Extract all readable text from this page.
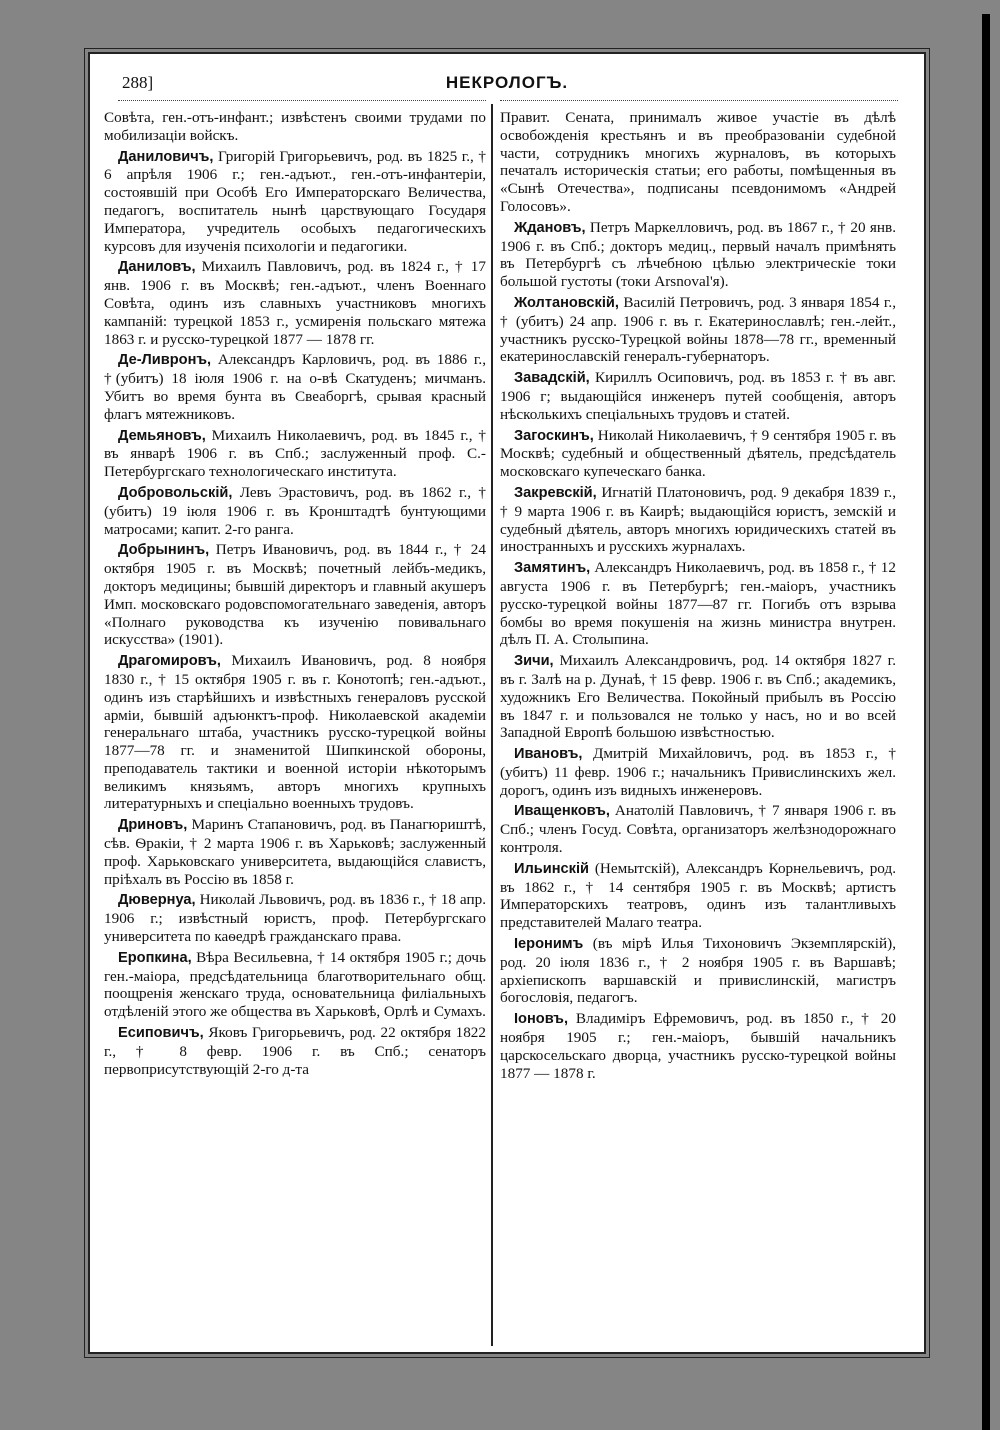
288]	НЕКРОЛОГЪ.

Совѣта, ген.-отъ-инфант.; извѣстенъ своими трудами по мобилизаціи войскъ.

Даниловичъ, Григорій Григорьевичъ, род. въ 1825 г., † 6 апрѣля 1906 г.; ген.-адъют., ген.-отъ-инфантеріи, состоявшій при Особѣ Его Императорскаго Величества, педагогъ, воспитатель нынѣ царствующаго Государя Императора, учредитель особыхъ педагогическихъ курсовъ для изученія психологіи и педагогики.

Даниловъ, Михаилъ Павловичъ, род. въ 1824 г., † 17 янв. 1906 г. въ Москвѣ; ген.-адъют., членъ Военнаго Совѣта, одинъ изъ славныхъ участниковъ многихъ кампаній: турецкой 1853 г., усмиренія польскаго мятежа 1863 г. и русско-турецкой 1877 — 1878 гг.

Де-Ливронъ, Александръ Карловичъ, род. въ 1886 г., †(убитъ) 18 іюля 1906 г. на о-вѣ Скатуденъ; мичманъ. Убитъ во время бунта въ Свеаборгѣ, срывая красный флагъ мятежниковъ.

Демьяновъ, Михаилъ Николаевичъ, род. въ 1845 г., † въ январѣ 1906 г. въ Спб.; заслуженный проф. С.-Петербургскаго технологическаго института.

Добровольскій, Левъ Эрастовичъ, род. въ 1862 г., † (убитъ) 19 іюля 1906 г. въ Кронштадтѣ бунтующими матросами; капит. 2-го ранга.

Добрынинъ, Петръ Ивановичъ, род. въ 1844 г., † 24 октября 1905 г. въ Москвѣ; почетный лейбъ-медикъ, докторъ медицины; бывшій директоръ и главный акушеръ Имп. московскаго родовспомогательнаго заведенія, авторъ «Полнаго руководства къ изученію повивальнаго искусства» (1901).

Драгомировъ, Михаилъ Ивановичъ, род. 8 ноября 1830 г., † 15 октября 1905 г. въ г. Конотопѣ; ген.-адъют., одинъ изъ старѣйшихъ и извѣстныхъ генераловъ русской арміи, бывшій адъюнктъ-проф. Николаевской академіи генеральнаго штаба, участникъ русско-турецкой войны 1877—78 гг. и знаменитой Шипкинской обороны, преподаватель тактики и военной исторіи нѣкоторымъ великимъ князьямъ, авторъ многихъ крупныхъ литературныхъ и спеціально военныхъ трудовъ.

Дриновъ, Маринъ Стапановичъ, род. въ Панагюриштѣ, сѣв. Ѳракіи, † 2 марта 1906 г. въ Харьковѣ; заслуженный проф. Харьковскаго университета, выдающійся славистъ, пріѣхалъ въ Россію въ 1858 г.

Дювернуа, Николай Львовичъ, род. въ 1836 г., † 18 апр. 1906 г.; извѣстный юристъ, проф. Петербургскаго университета по каѳедрѣ гражданскаго права.

Еропкина, Вѣра Весильевна, † 14 октября 1905 г.; дочь ген.-маіора, предсѣдательница благотворительнаго общ. поощренія женскаго труда, основательница филіальныхъ отдѣленій этого же общества въ Харьковѣ, Орлѣ и Сумахъ.

Есиповичъ, Яковъ Григорьевичъ, род. 22 октября 1822 г., † 8 февр. 1906 г. въ Спб.; сенаторъ первоприсутствующій 2-го д-та

Правит. Сената, принималъ живое участіе въ дѣлѣ освобожденія крестьянъ и въ преобразованіи судебной части, сотрудникъ многихъ журналовъ, въ которыхъ печаталъ историческія статьи; его работы, помѣщенныя въ «Сынѣ Отечества», подписаны псевдонимомъ «Андрей Голосовъ».

Ждановъ, Петръ Маркелловичъ, род. въ 1867 г., † 20 янв. 1906 г. въ Спб.; докторъ медиц., первый началъ примѣнять въ Петербургѣ съ лѣчебною цѣлью электрическіе токи большой густоты (токи Arsnoval'я).

Жолтановскій, Василій Петровичъ, род. 3 января 1854 г., † (убитъ) 24 апр. 1906 г. въ г. Екатеринославлѣ; ген.-лейт., участникъ русско-Турецкой войны 1878—78 гг., временный екатеринославскій генералъ-губернаторъ.

Завадскій, Кириллъ Осиповичъ, род. въ 1853 г. † въ авг. 1906 г; выдающійся инженеръ путей сообщенія, авторъ нѣсколькихъ спеціальныхъ трудовъ и статей.

Загоскинъ, Николай Николаевичъ, † 9 сентября 1905 г. въ Москвѣ; судебный и общественный дѣятель, предсѣдатель московскаго купеческаго банка.

Закревскій, Игнатій Платоновичъ, род. 9 декабря 1839 г., † 9 марта 1906 г. въ Каирѣ; выдающійся юристъ, земскій и судебный дѣятель, авторъ многихъ юридическихъ статей въ иностранныхъ и русскихъ журналахъ.

Замятинъ, Александръ Николаевичъ, род. въ 1858 г., † 12 августа 1906 г. въ Петербургѣ; ген.-маіоръ, участникъ русско-турецкой войны 1877—87 гг. Погибъ отъ взрыва бомбы во время покушенія на жизнь министра внутрен. дѣлъ П. А. Столыпина.

Зичи, Михаилъ Александровичъ, род. 14 октября 1827 г. въ г. Залѣ на р. Дунаѣ, † 15 февр. 1906 г. въ Спб.; академикъ, художникъ Его Величества. Покойный прибылъ въ Россію въ 1847 г. и пользовался не только у насъ, но и во всей Западной Европѣ большою извѣстностью.

Ивановъ, Дмитрій Михайловичъ, род. въ 1853 г., † (убитъ) 11 февр. 1906 г.; начальникъ Привислинскихъ жел. дорогъ, одинъ изъ видныхъ инженеровъ.

Иващенковъ, Анатолій Павловичъ, † 7 января 1906 г. въ Спб.; членъ Госуд. Совѣта, организаторъ желѣзнодорожнаго контроля.

Ильинскій (Немытскій), Александръ Корнельевичъ, род. въ 1862 г., † 14 сентября 1905 г. въ Москвѣ; артистъ Императорскихъ театровъ, одинъ изъ талантливыхъ представителей Малаго театра.

Іеронимъ (въ мірѣ Илья Тихоновичъ Экземплярскій), род. 20 іюля 1836 г., † 2 ноября 1905 г. въ Варшавѣ; архіепископъ варшавскій и привислинскій, магистръ богословія, педагогъ.

Іоновъ, Владиміръ Ефремовичъ, род. въ 1850 г., † 20 ноября 1905 г.; ген.-маіоръ, бывшій начальникъ царскосельскаго дворца, участникъ русско-турецкой войны 1877 — 1878 г.
